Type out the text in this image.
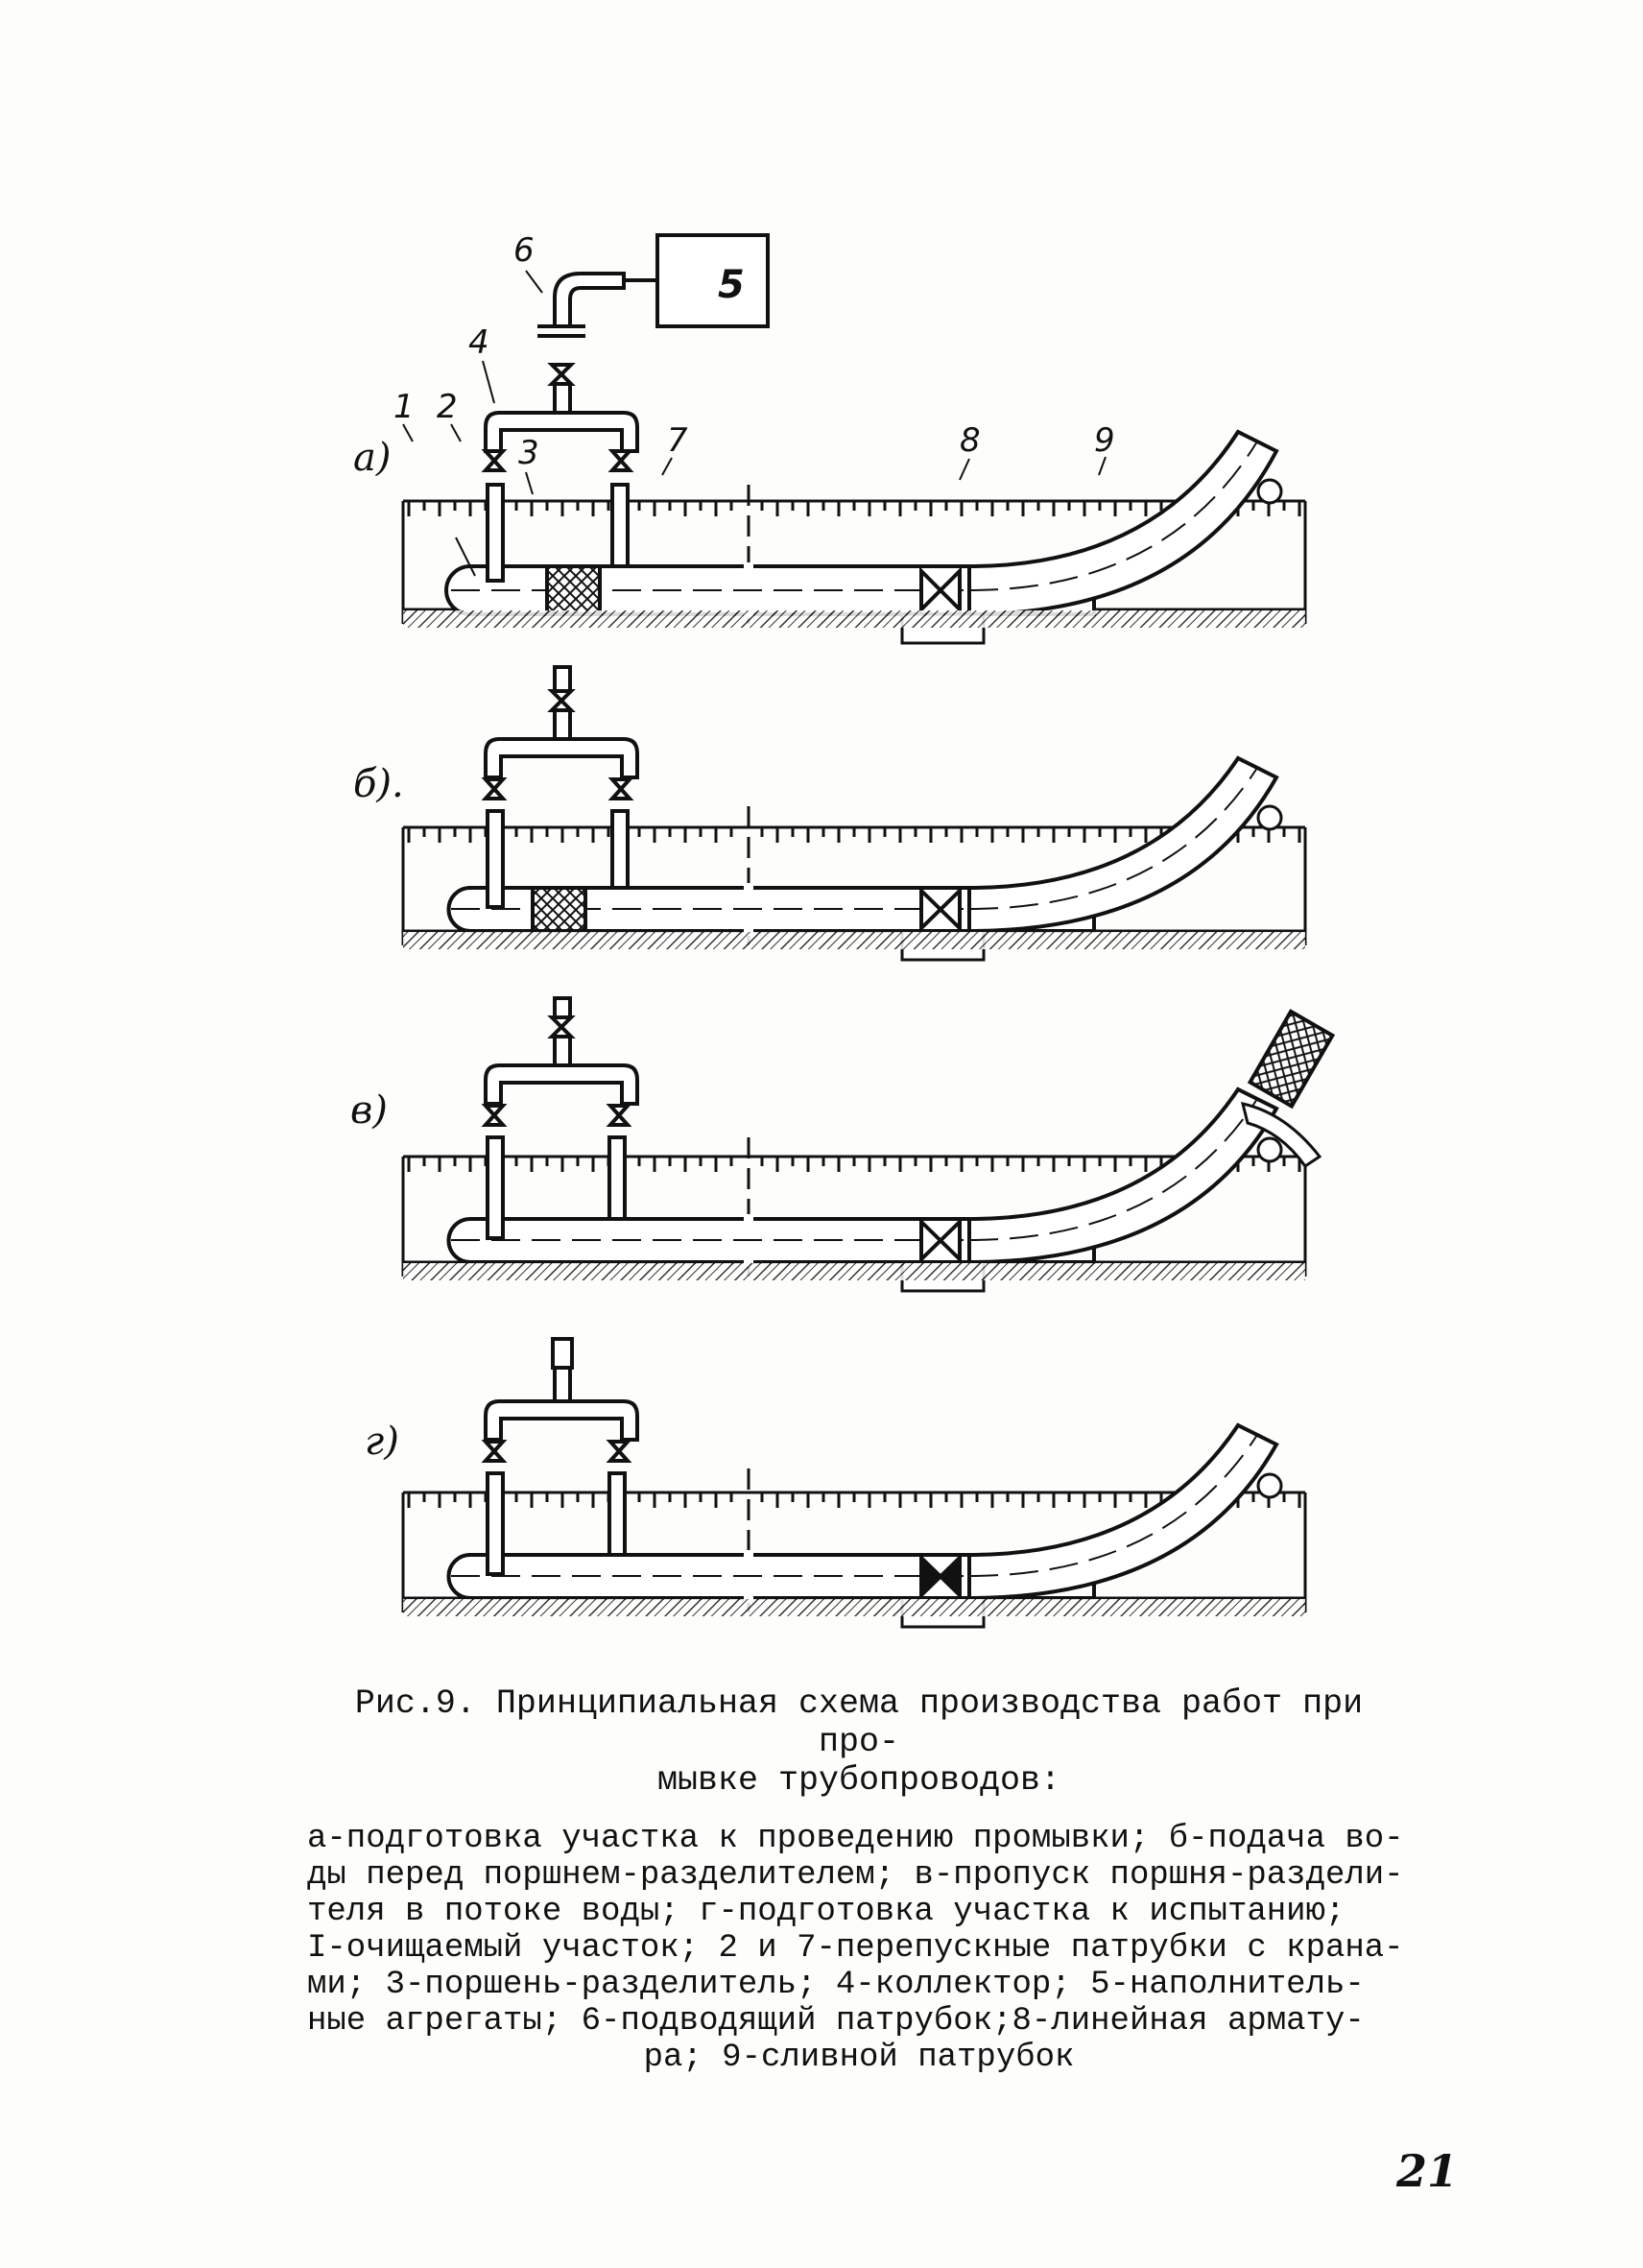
а)
5
6
4
1 2
3	7	8	9
б).
в)
г)
Рис.9. Принципиальная схема производства работ при про-
мывке трубопроводов:
а-подготовка участка к проведению промывки; б-подача во-
ды перед поршнем-разделителем; в-пропуск поршня-раздели-
теля в потоке воды; г-подготовка участка к испытанию;
I-очищаемый участок; 2 и 7-перепускные патрубки с крана-
ми; 3-поршень-разделитель; 4-коллектор; 5-наполнитель-
ные агрегаты; 6-подводящий патрубок;8-линейная армату-
ра; 9-сливной патрубок
21
